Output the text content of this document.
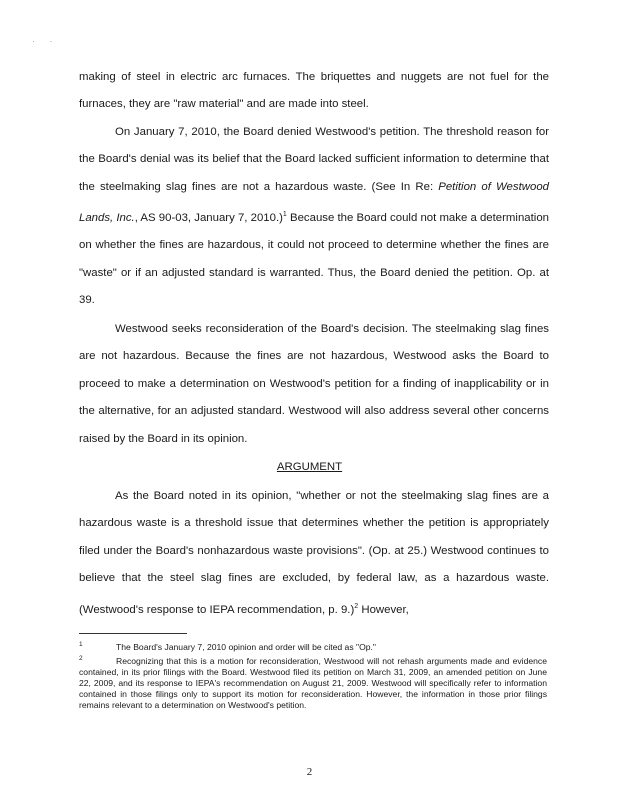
· ·
making of steel in electric arc furnaces. The briquettes and nuggets are not fuel for the furnaces, they are "raw material" and are made into steel.
On January 7, 2010, the Board denied Westwood's petition. The threshold reason for the Board's denial was its belief that the Board lacked sufficient information to determine that the steelmaking slag fines are not a hazardous waste. (See In Re: Petition of Westwood Lands, Inc., AS 90-03, January 7, 2010.)$^1$ Because the Board could not make a determination on whether the fines are hazardous, it could not proceed to determine whether the fines are "waste" or if an adjusted standard is warranted. Thus, the Board denied the petition. Op. at 39.
Westwood seeks reconsideration of the Board's decision. The steelmaking slag fines are not hazardous. Because the fines are not hazardous, Westwood asks the Board to proceed to make a determination on Westwood's petition for a finding of inapplicability or in the alternative, for an adjusted standard. Westwood will also address several other concerns raised by the Board in its opinion.
ARGUMENT
As the Board noted in its opinion, "whether or not the steelmaking slag fines are a hazardous waste is a threshold issue that determines whether the petition is appropriately filed under the Board's nonhazardous waste provisions". (Op. at 25.) Westwood continues to believe that the steel slag fines are excluded, by federal law, as a hazardous waste. (Westwood's response to IEPA recommendation, p. 9.)$^2$ However,
1	The Board's January 7, 2010 opinion and order will be cited as "Op."
2	Recognizing that this is a motion for reconsideration, Westwood will not rehash arguments made and evidence contained, in its prior filings with the Board. Westwood filed its petition on March 31, 2009, an amended petition on June 22, 2009, and its response to IEPA's recommendation on August 21, 2009. Westwood will specifically refer to information contained in those filings only to support its motion for reconsideration. However, the information in those prior filings remains relevant to a determination on Westwood's petition.
2
